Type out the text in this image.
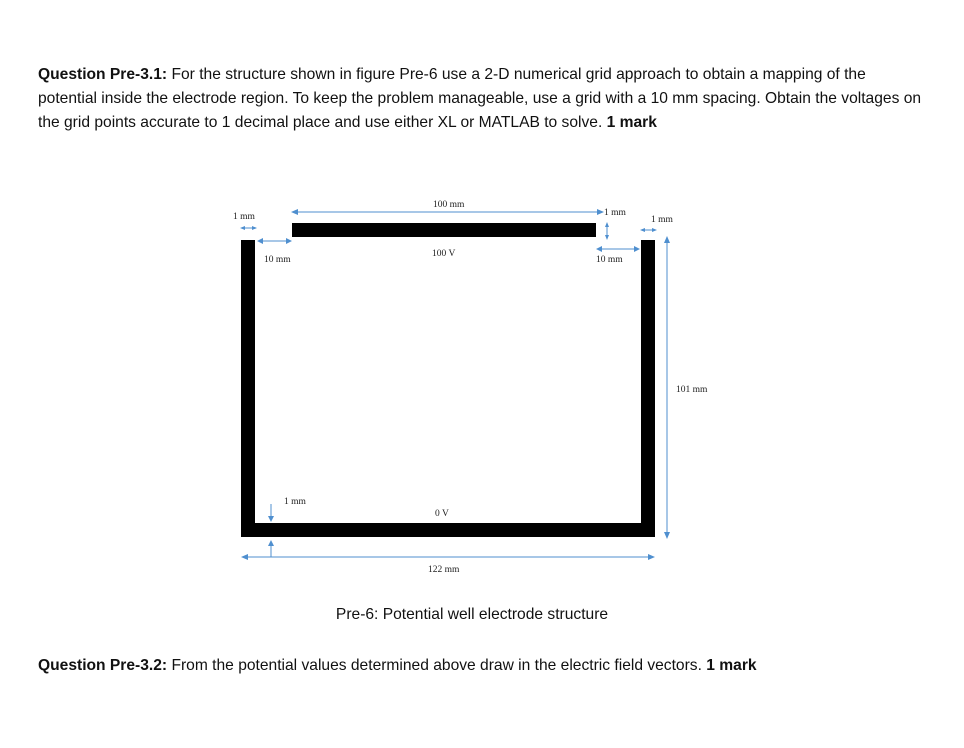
Question Pre-3.1: For the structure shown in figure Pre-6 use a 2-D numerical grid approach to obtain a mapping of the potential inside the electrode region. To keep the problem manageable, use a grid with a 10 mm spacing. Obtain the voltages on the grid points accurate to 1 decimal place and use either XL or MATLAB to solve. 1 mark
100 mm
1 mm
1 mm	1 mm
10 mm	10 mm
100 V
101 mm
1 mm
0 V
122 mm
Pre-6: Potential well electrode structure
Question Pre-3.2: From the potential values determined above draw in the electric field vectors. 1 mark
